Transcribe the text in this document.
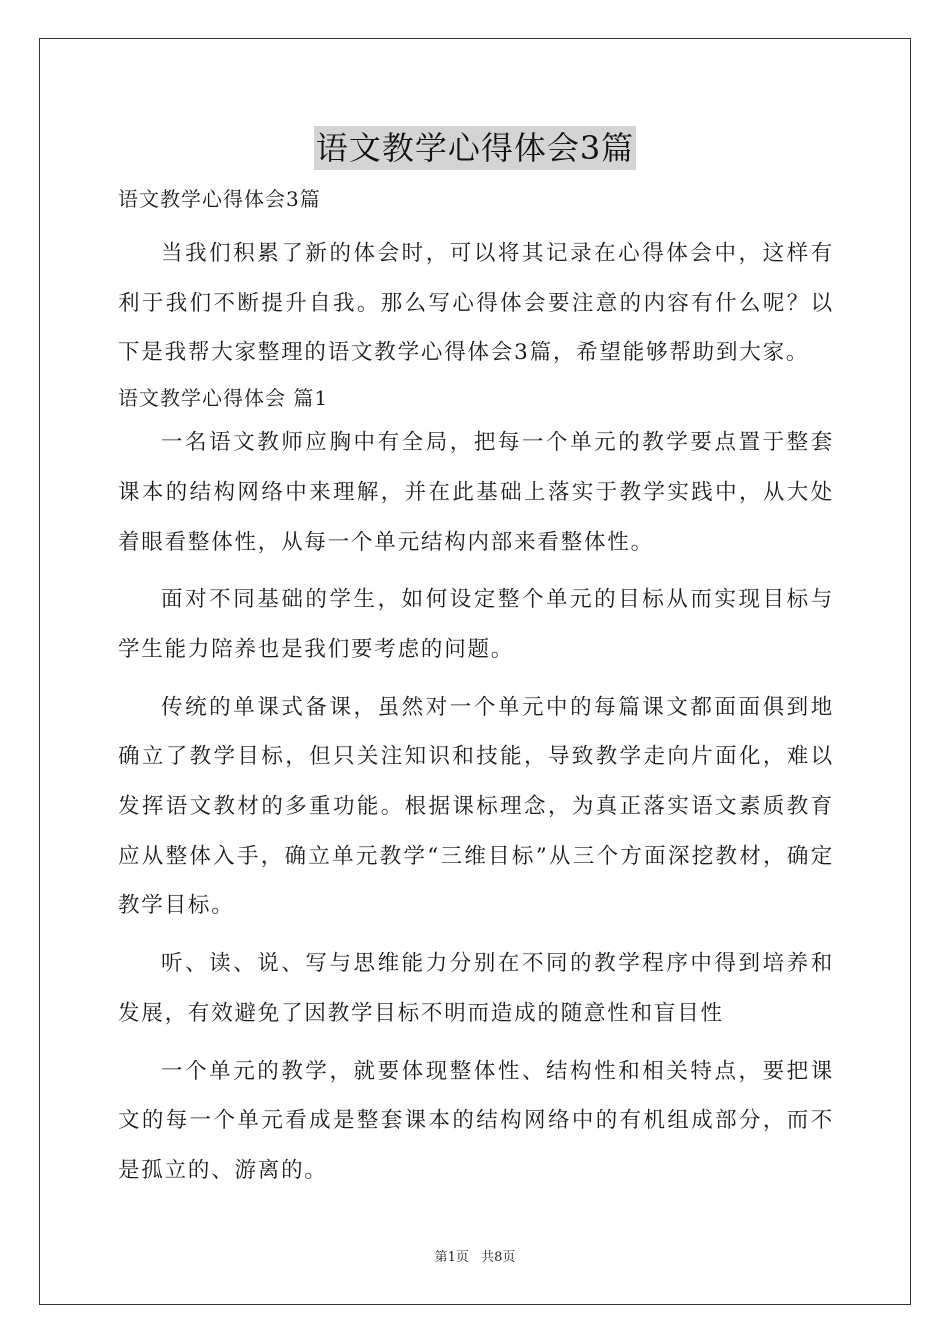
语文教学心得体会3篇

语文教学心得体会3篇

当我们积累了新的体会时，可以将其记录在心得体会中，这样有利于我们不断提升自我。那么写心得体会要注意的内容有什么呢？以下是我帮大家整理的语文教学心得体会3篇，希望能够帮助到大家。

语文教学心得体会 篇1

一名语文教师应胸中有全局，把每一个单元的教学要点置于整套课本的结构网络中来理解，并在此基础上落实于教学实践中，从大处着眼看整体性，从每一个单元结构内部来看整体性。

面对不同基础的学生，如何设定整个单元的目标从而实现目标与学生能力陪养也是我们要考虑的问题。

传统的单课式备课，虽然对一个单元中的每篇课文都面面俱到地确立了教学目标，但只关注知识和技能，导致教学走向片面化，难以发挥语文教材的多重功能。根据课标理念，为真正落实语文素质教育应从整体入手，确立单元教学“三维目标”从三个方面深挖教材，确定教学目标。

听、读、说、写与思维能力分别在不同的教学程序中得到培养和发展，有效避免了因教学目标不明而造成的随意性和盲目性

一个单元的教学，就要体现整体性、结构性和相关特点，要把课文的每一个单元看成是整套课本的结构网络中的有机组成部分，而不是孤立的、游离的。

第1页 共8页
